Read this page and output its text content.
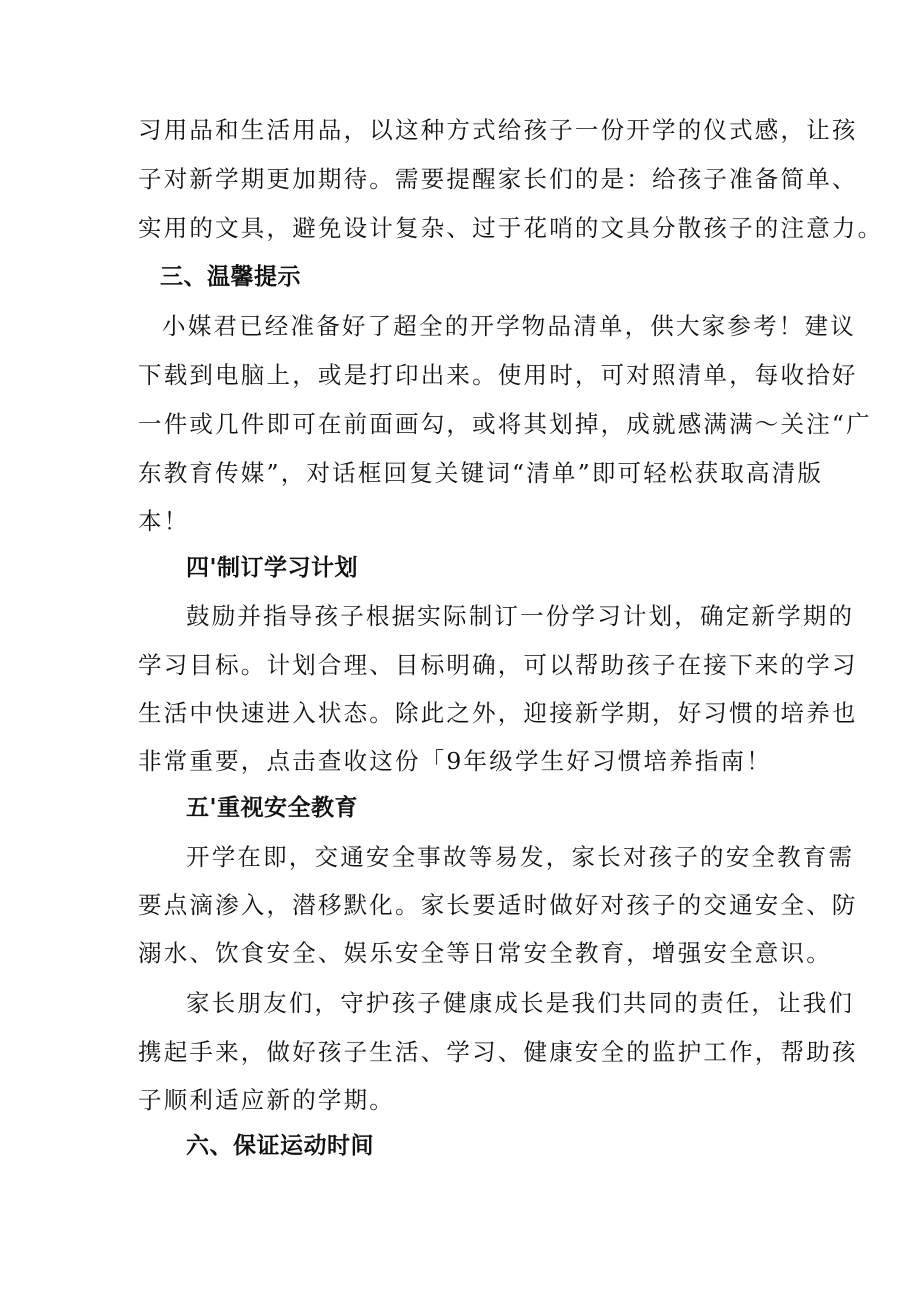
习用品和生活用品，以这种方式给孩子一份开学的仪式感，让孩
子对新学期更加期待。需要提醒家长们的是：给孩子准备简单、
实用的文具，避免设计复杂、过于花哨的文具分散孩子的注意力。
三、温馨提示
小媒君已经准备好了超全的开学物品清单，供大家参考！建议
下载到电脑上，或是打印出来。使用时，可对照清单，每收拾好
一件或几件即可在前面画勾，或将其划掉，成就感满满～关注“广
东教育传媒”，对话框回复关键词“清单”即可轻松获取高清版
本！
四'制订学习计划
鼓励并指导孩子根据实际制订一份学习计划，确定新学期的
学习目标。计划合理、目标明确，可以帮助孩子在接下来的学习
生活中快速进入状态。除此之外，迎接新学期，好习惯的培养也
非常重要，点击查收这份「9年级学生好习惯培养指南！
五'重视安全教育
开学在即，交通安全事故等易发，家长对孩子的安全教育需
要点滴渗入，潜移默化。家长要适时做好对孩子的交通安全、防
溺水、饮食安全、娱乐安全等日常安全教育，增强安全意识。
家长朋友们，守护孩子健康成长是我们共同的责任，让我们
携起手来，做好孩子生活、学习、健康安全的监护工作，帮助孩
子顺利适应新的学期。
六、保证运动时间
